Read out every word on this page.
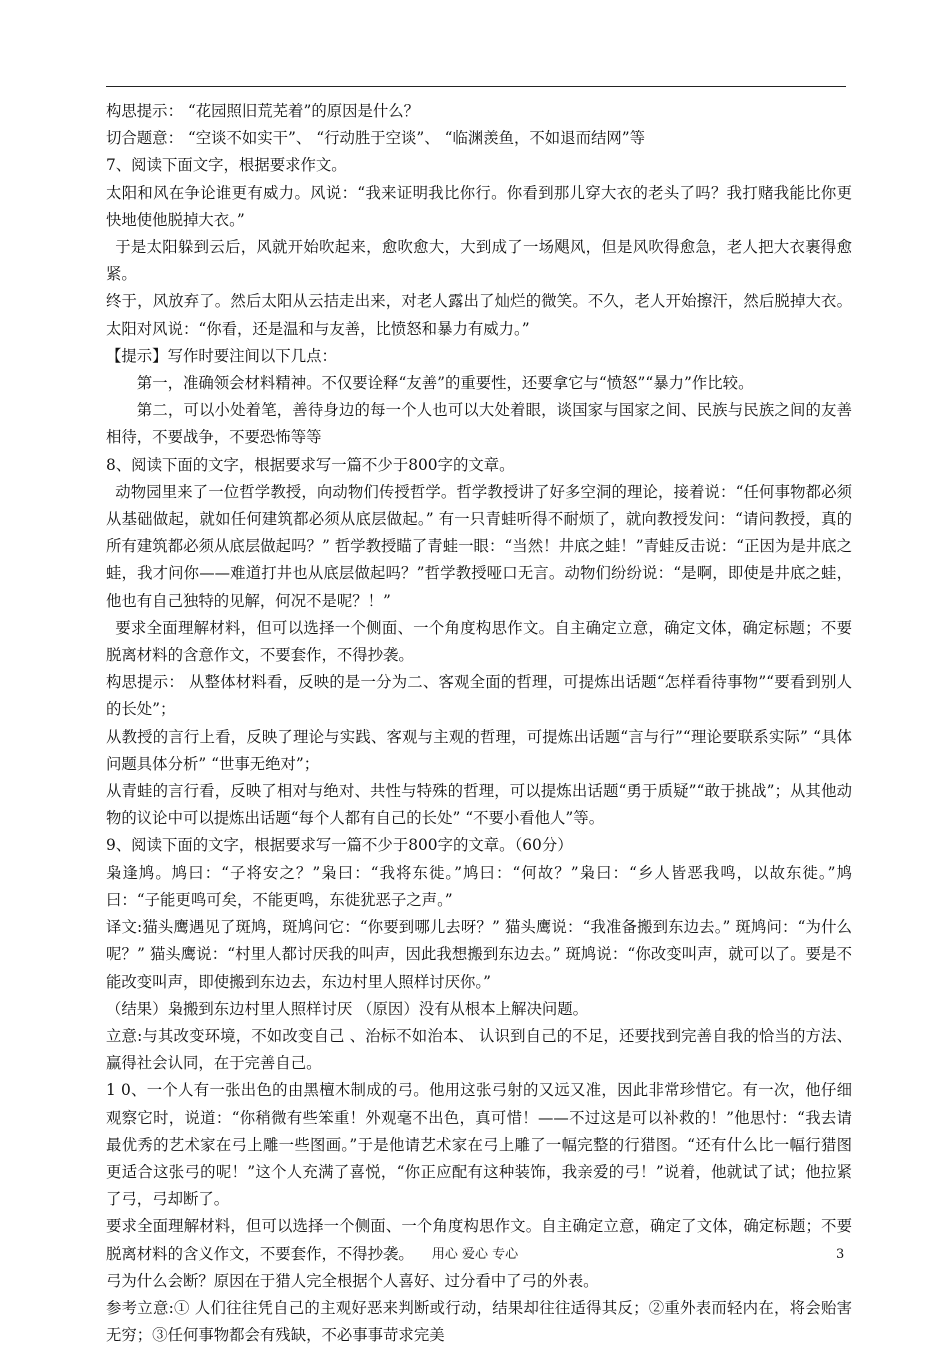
构思提示： “花园照旧荒芜着”的原因是什么？

切合题意： “空谈不如实干”、 “行动胜于空谈”、 “临渊羡鱼，不如退而结网”等

7、阅读下面文字，根据要求作文。

太阳和风在争论谁更有威力。风说：“我来证明我比你行。你看到那儿穿大衣的老头了吗？我打赌我能比你更快地使他脱掉大衣。”

于是太阳躲到云后，风就开始吹起来，愈吹愈大，大到成了一场飓风，但是风吹得愈急，老人把大衣裹得愈紧。

终于，风放弃了。然后太阳从云拮走出来，对老人露出了灿烂的微笑。不久，老人开始擦汗，然后脱掉大衣。太阳对风说：“你看，还是温和与友善，比愤怒和暴力有威力。”

【提示】写作时要注间以下几点：

第一，准确领会材料精神。不仅要诠释“友善”的重要性，还要拿它与“愤怒”“暴力”作比较。

第二，可以小处着笔，善待身边的每一个人也可以大处着眼，谈国家与国家之间、民族与民族之间的友善相待，不要战争，不要恐怖等等

8、阅读下面的文字，根据要求写一篇不少于800字的文章。

动物园里来了一位哲学教授，向动物们传授哲学。哲学教授讲了好多空洞的理论，接着说：“任何事物都必须从基础做起，就如任何建筑都必须从底层做起。” 有一只青蛙听得不耐烦了，就向教授发问：“请问教授，真的所有建筑都必须从底层做起吗？” 哲学教授瞄了青蛙一眼：“当然！井底之蛙！”青蛙反击说：“正因为是井底之蛙，我才问你——难道打井也从底层做起吗？”哲学教授哑口无言。动物们纷纷说：“是啊，即使是井底之蛙，他也有自己独特的见解，何况不是呢？！”

要求全面理解材料，但可以选择一个侧面、一个角度构思作文。自主确定立意，确定文体，确定标题；不要脱离材料的含意作文，不要套作，不得抄袭。

构思提示： 从整体材料看，反映的是一分为二、客观全面的哲理，可提炼出话题“怎样看待事物”“要看到别人的长处”；

从教授的言行上看，反映了理论与实践、客观与主观的哲理，可提炼出话题“言与行”“理论要联系实际” “具体问题具体分析” “世事无绝对”；

从青蛙的言行看，反映了相对与绝对、共性与特殊的哲理，可以提炼出话题“勇于质疑”“敢于挑战”；从其他动物的议论中可以提炼出话题“每个人都有自己的长处” “不要小看他人”等。

9、阅读下面的文字，根据要求写一篇不少于800字的文章。（60分）

枭逢鸠。鸠曰：“子将安之？”枭曰：“我将东徙。”鸠曰：“何故？”枭曰：“乡人皆恶我鸣，以故东徙。”鸠曰：“子能更鸣可矣，不能更鸣，东徙犹恶子之声。”

译文:猫头鹰遇见了斑鸠，斑鸠问它：“你要到哪儿去呀？” 猫头鹰说：“我准备搬到东边去。” 斑鸠问：“为什么呢？” 猫头鹰说：“村里人都讨厌我的叫声，因此我想搬到东边去。” 斑鸠说：“你改变叫声，就可以了。要是不能改变叫声，即使搬到东边去，东边村里人照样讨厌你。”

（结果）枭搬到东边村里人照样讨厌 （原因）没有从根本上解决问题。

立意:与其改变环境，不如改变自己 、治标不如治本、 认识到自己的不足，还要找到完善自我的恰当的方法、赢得社会认同，在于完善自己。

1 0、一个人有一张出色的由黑檀木制成的弓。他用这张弓射的又远又准，因此非常珍惜它。有一次，他仔细观察它时，说道：“你稍微有些笨重！外观毫不出色，真可惜！——不过这是可以补救的！”他思忖：“我去请最优秀的艺术家在弓上雕一些图画。”于是他请艺术家在弓上雕了一幅完整的行猎图。“还有什么比一幅行猎图更适合这张弓的呢！”这个人充满了喜悦，“你正应配有这种装饰，我亲爱的弓！”说着，他就试了试；他拉紧了弓，弓却断了。

要求全面理解材料，但可以选择一个侧面、一个角度构思作文。自主确定立意，确定了文体，确定标题；不要脱离材料的含义作文，不要套作，不得抄袭。

弓为什么会断？原因在于猎人完全根据个人喜好、过分看中了弓的外表。

参考立意:① 人们往往凭自己的主观好恶来判断或行动，结果却往往适得其反；②重外表而轻内在，将会贻害无穷；③任何事物都会有残缺，不必事事苛求完美

用心 爱心 专心	3
